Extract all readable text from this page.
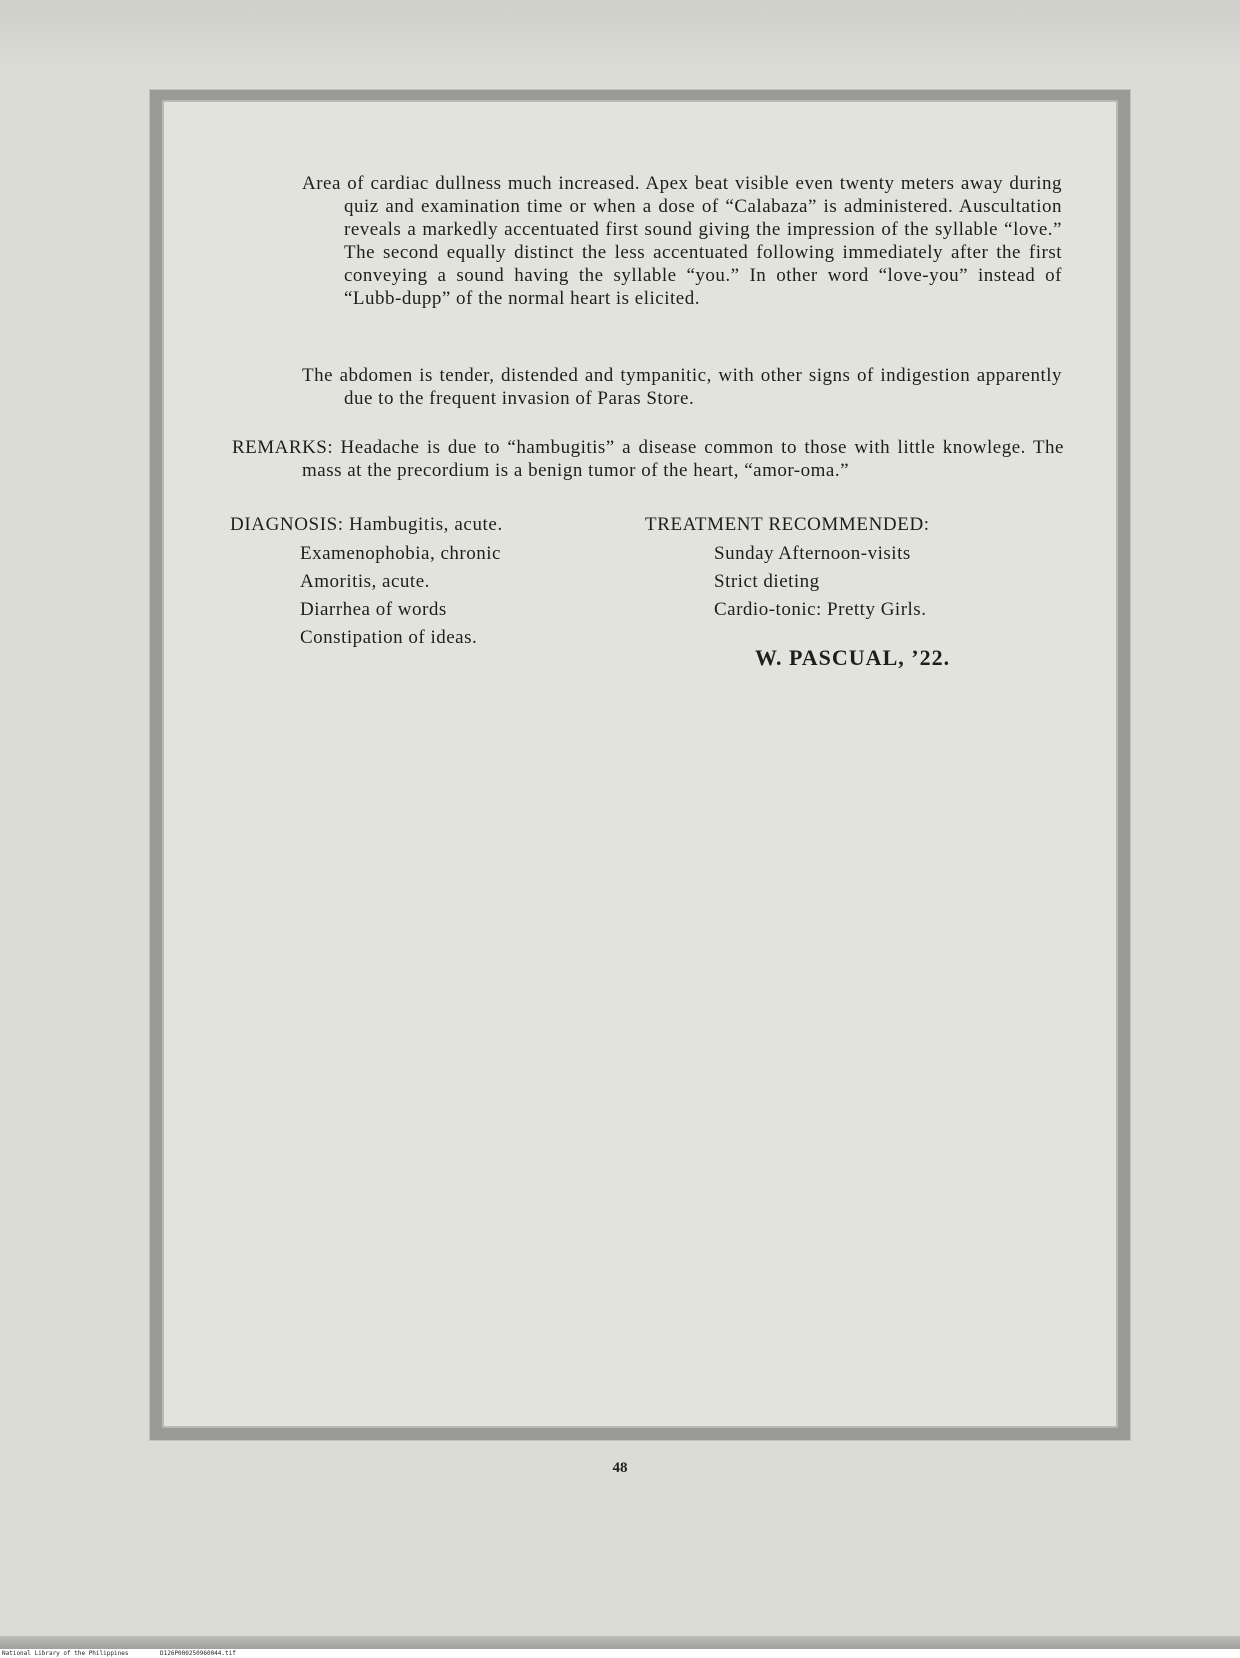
Area of cardiac dullness much increased. Apex beat visible even twenty meters away during quiz and examination time or when a dose of “Calabaza” is administered. Auscultation reveals a markedly accentuated first sound giving the impression of the syllable “love.” The second equally distinct the less accentuated following immediately after the first conveying a sound having the syllable “you.” In other word “love-you” instead of “Lubb-dupp” of the normal heart is elicited.
The abdomen is tender, distended and tympanitic, with other signs of indigestion apparently due to the frequent invasion of Paras Store.
REMARKS: Headache is due to “hambugitis” a disease common to those with little knowlege. The mass at the precordium is a benign tumor of the heart, “amor-oma.”
DIAGNOSIS: Hambugitis, acute.
Examenophobia, chronic
Amoritis, acute.
Diarrhea of words
Constipation of ideas.
TREATMENT RECOMMENDED:
Sunday Afternoon-visits
Strict dieting
Cardio-tonic: Pretty Girls.
W. PASCUAL, ’22.
48
National Library of the Philippines	D126P000250960044.tif
